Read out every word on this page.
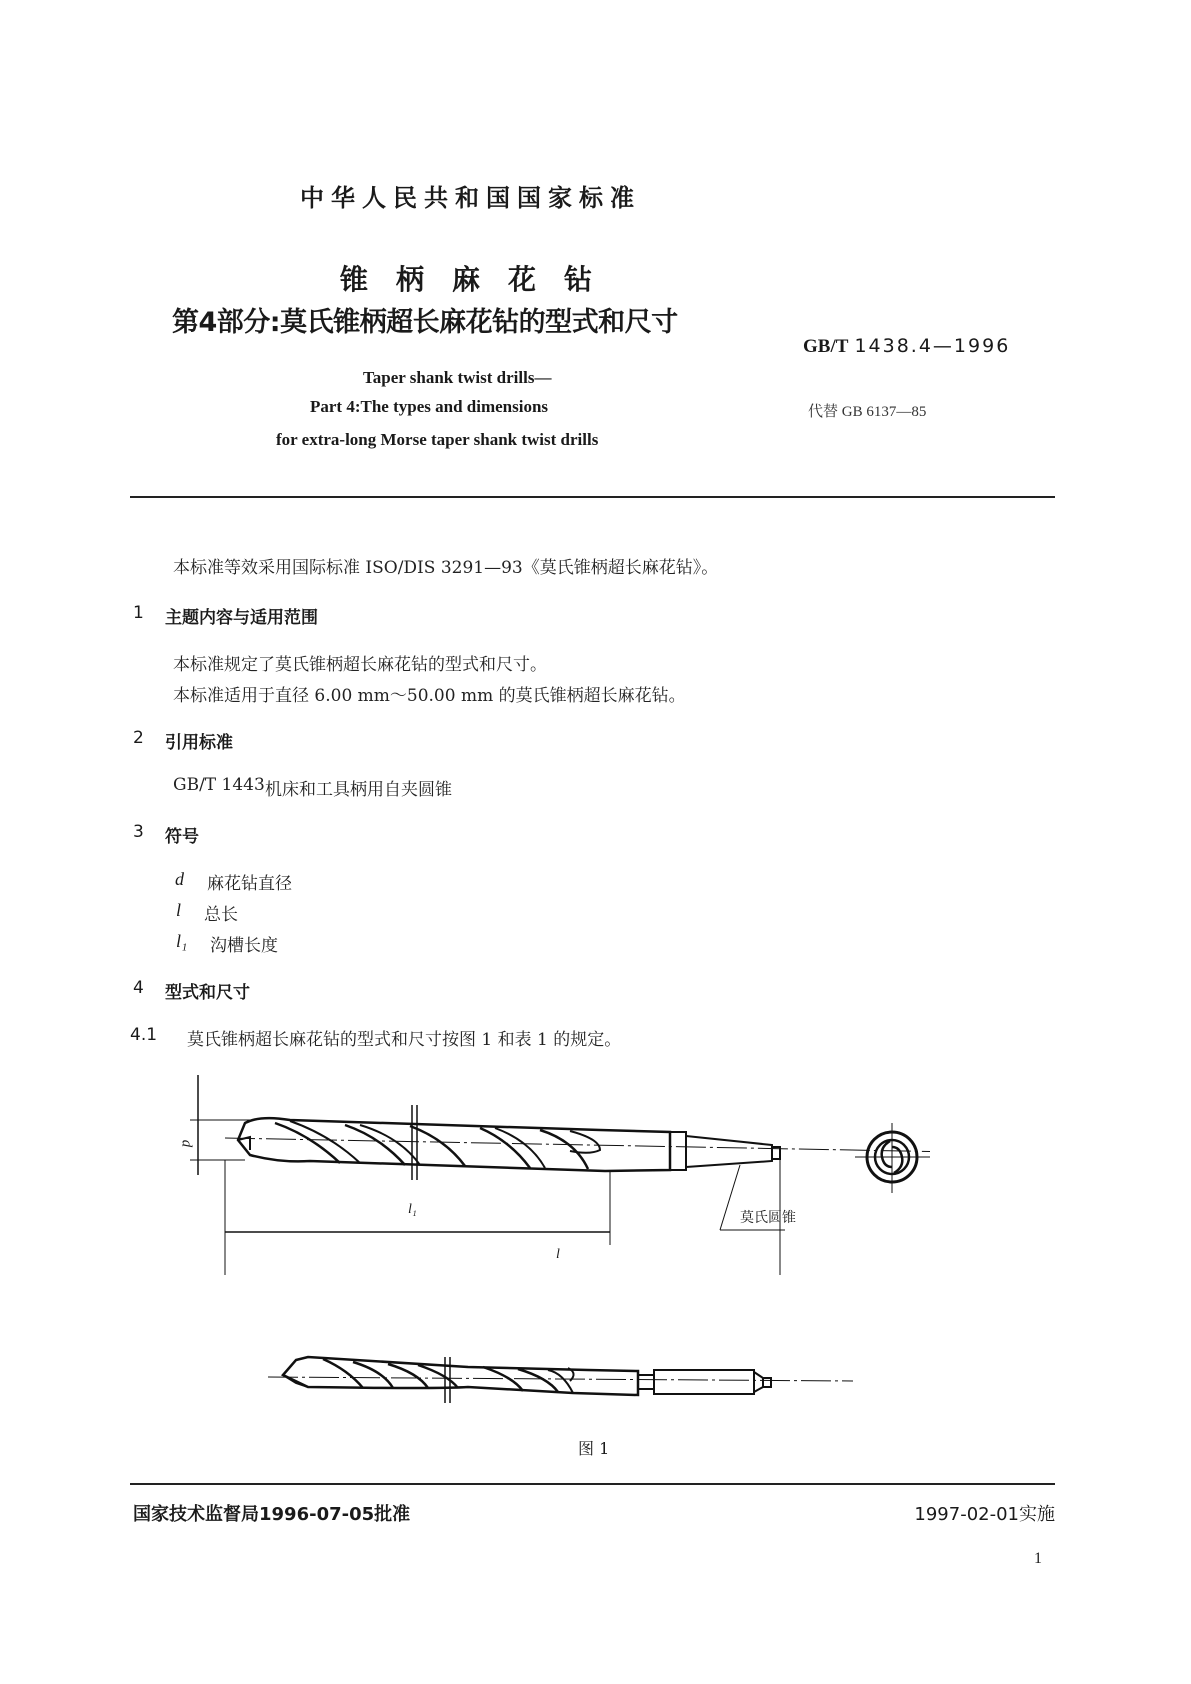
中华人民共和国国家标准
锥柄麻花钻
第4部分:莫氏锥柄超长麻花钻的型式和尺寸
GB/T 1438.4—1996
Taper shank twist drills—
Part 4:The types and dimensions
for extra-long Morse taper shank twist drills
代替 GB 6137—85
本标准等效采用国际标准 ISO/DIS 3291—93《莫氏锥柄超长麻花钻》。
1 主题内容与适用范围
本标准规定了莫氏锥柄超长麻花钻的型式和尺寸。
本标准适用于直径 6.00 mm～50.00 mm 的莫氏锥柄超长麻花钻。
2 引用标准
GB/T 1443 机床和工具柄用自夹圆锥
3 符号
d 麻花钻直径
l 总长
l₁ 沟槽长度
4 型式和尺寸
4.1 莫氏锥柄超长麻花钻的型式和尺寸按图 1 和表 1 的规定。
d
l₁
l
莫氏圆锥
图 1
国家技术监督局1996-07-05批准	1997-02-01实施
1
